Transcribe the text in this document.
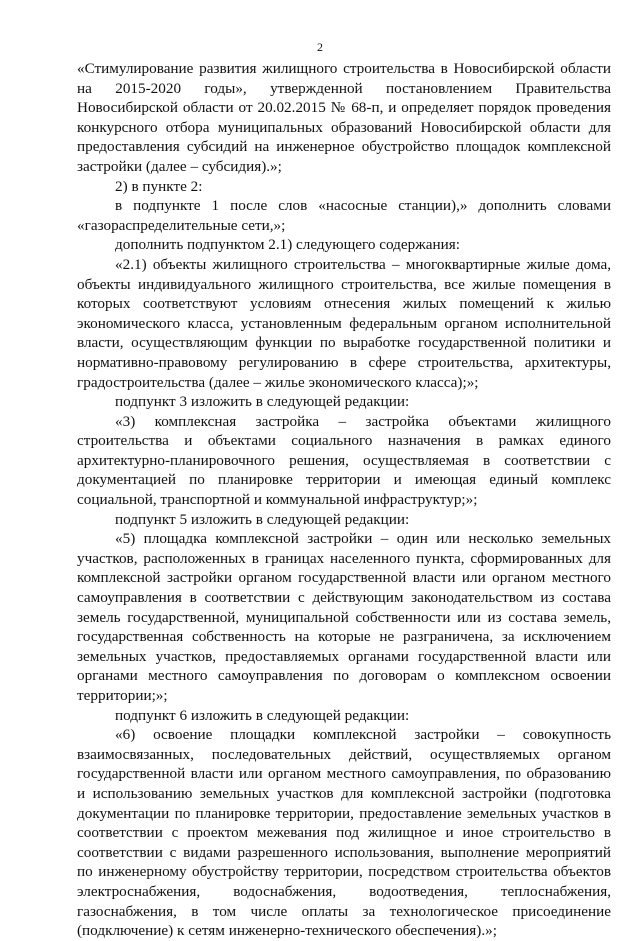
2

«Стимулирование развития жилищного строительства в Новосибирской области на 2015-2020 годы», утвержденной постановлением Правительства Новосибирской области от 20.02.2015 № 68-п, и определяет порядок проведения конкурсного отбора муниципальных образований Новосибирской области для предоставления субсидий на инженерное обустройство площадок комплексной застройки (далее – субсидия).»;

2) в пункте 2:

в подпункте 1 после слов «насосные станции),» дополнить словами «газораспределительные сети,»;

дополнить подпунктом 2.1) следующего содержания:

«2.1) объекты жилищного строительства – многоквартирные жилые дома, объекты индивидуального жилищного строительства, все жилые помещения в которых соответствуют условиям отнесения жилых помещений к жилью экономического класса, установленным федеральным органом исполнительной власти, осуществляющим функции по выработке государственной политики и нормативно-правовому регулированию в сфере строительства, архитектуры, градостроительства (далее – жилье экономического класса);»;

подпункт 3 изложить в следующей редакции:

«3) комплексная застройка – застройка объектами жилищного строительства и объектами социального назначения в рамках единого архитектурно-планировочного решения, осуществляемая в соответствии с документацией по планировке территории и имеющая единый комплекс социальной, транспортной и коммунальной инфраструктур;»;

подпункт 5 изложить в следующей редакции:

«5) площадка комплексной застройки – один или несколько земельных участков, расположенных в границах населенного пункта, сформированных для комплексной застройки органом государственной власти или органом местного самоуправления в соответствии с действующим законодательством из состава земель государственной, муниципальной собственности или из состава земель, государственная собственность на которые не разграничена, за исключением земельных участков, предоставляемых органами государственной власти или органами местного самоуправления по договорам о комплексном освоении территории;»;

подпункт 6 изложить в следующей редакции:

«6) освоение площадки комплексной застройки – совокупность взаимосвязанных, последовательных действий, осуществляемых органом государственной власти или органом местного самоуправления, по образованию и использованию земельных участков для комплексной застройки (подготовка документации по планировке территории, предоставление земельных участков в соответствии с проектом межевания под жилищное и иное строительство в соответствии с видами разрешенного использования, выполнение мероприятий по инженерному обустройству территории, посредством строительства объектов электроснабжения, водоснабжения, водоотведения, теплоснабжения, газоснабжения, в том числе оплаты за технологическое присоединение (подключение) к сетям инженерно-технического обеспечения).»;
